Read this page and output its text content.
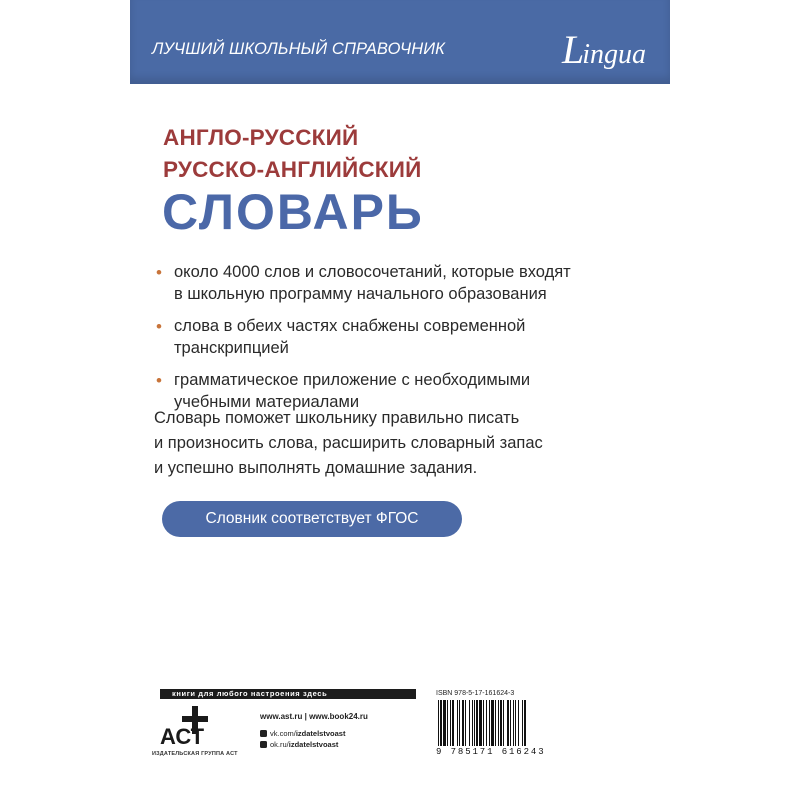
ЛУЧШИЙ ШКОЛЬНЫЙ СПРАВОЧНИК	Lingua
АНГЛО-РУССКИЙ
РУССКО-АНГЛИЙСКИЙ
СЛОВАРЬ
• около 4000 слов и словосочетаний, которые входят
в школьную программу начального образования
• слова в обеих частях снабжены современной
транскрипцией
• грамматическое приложение с необходимыми
учебными материалами
Словарь поможет школьнику правильно писать
и произносить слова, расширить словарный запас
и успешно выполнять домашние задания.
Словник соответствует ФГОС
книги для любого настроения здесь
АСТ
ИЗДАТЕЛЬСКАЯ ГРУППА АСТ
www.ast.ru | www.book24.ru
vk.com/izdatelstvoast
ok.ru/izdatelstvoast
ISBN 978-5-17-161624-3
9 785171 616243
